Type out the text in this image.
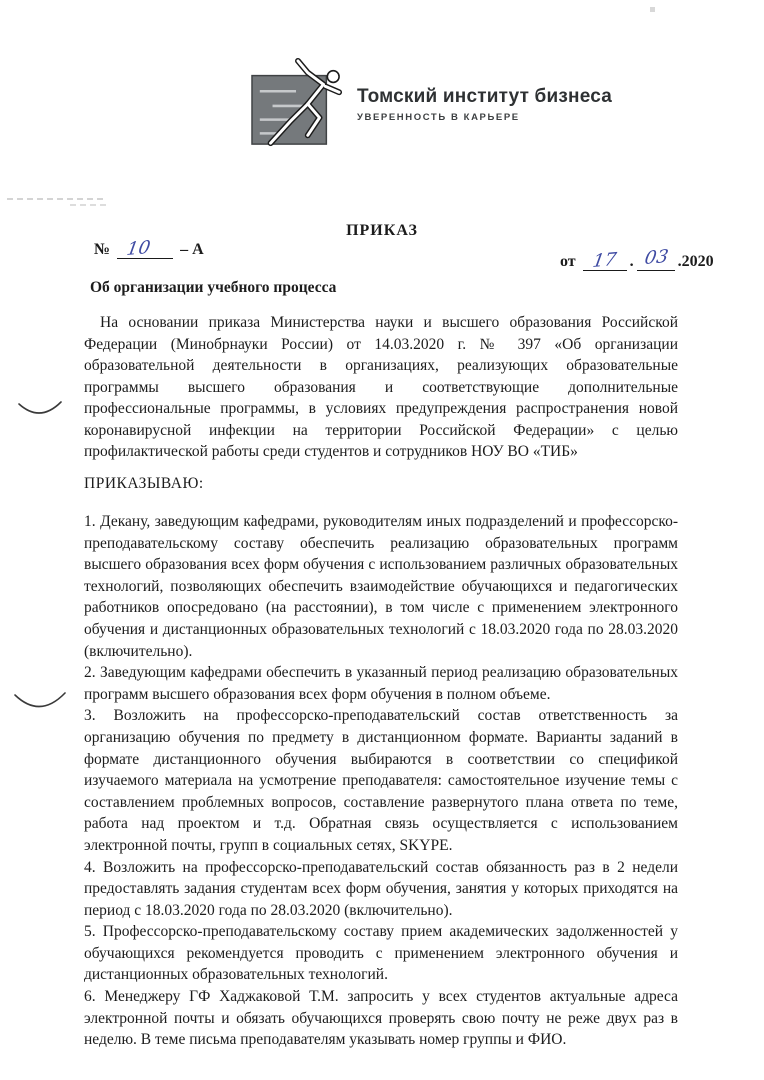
Томский институт бизнеса
УВЕРЕННОСТЬ В КАРЬЕРЕ
ПРИКАЗ
№ 10 – А
от 17 . 03 .2020
Об организации учебного процесса
На основании приказа Министерства науки и высшего образования Российской Федерации (Минобрнауки России) от 14.03.2020 г. № 397 «Об организации образовательной деятельности в организациях, реализующих образовательные программы высшего образования и соответствующие дополнительные профессиональные программы, в условиях предупреждения распространения новой коронавирусной инфекции на территории Российской Федерации» с целью профилактической работы среди студентов и сотрудников НОУ ВО «ТИБ»
ПРИКАЗЫВАЮ:

1. Декану, заведующим кафедрами, руководителям иных подразделений и профессорско-преподавательскому составу обеспечить реализацию образовательных программ высшего образования всех форм обучения с использованием различных образовательных технологий, позволяющих обеспечить взаимодействие обучающихся и педагогических работников опосредовано (на расстоянии), в том числе с применением электронного обучения и дистанционных образовательных технологий с 18.03.2020 года по 28.03.2020 (включительно).

2. Заведующим кафедрами обеспечить в указанный период реализацию образовательных программ высшего образования всех форм обучения в полном объеме.

3. Возложить на профессорско-преподавательский состав ответственность за организацию обучения по предмету в дистанционном формате. Варианты заданий в формате дистанционного обучения выбираются в соответствии со спецификой изучаемого материала на усмотрение преподавателя: самостоятельное изучение темы с составлением проблемных вопросов, составление развернутого плана ответа по теме, работа над проектом и т.д. Обратная связь осуществляется с использованием электронной почты, групп в социальных сетях, SKYPE.

4. Возложить на профессорско-преподавательский состав обязанность раз в 2 недели предоставлять задания студентам всех форм обучения, занятия у которых приходятся на период с 18.03.2020 года по 28.03.2020 (включительно).

5. Профессорско-преподавательскому составу прием академических задолженностей у обучающихся рекомендуется проводить с применением электронного обучения и дистанционных образовательных технологий.

6. Менеджеру ГФ Хаджаковой Т.М. запросить у всех студентов актуальные адреса электронной почты и обязать обучающихся проверять свою почту не реже двух раз в неделю. В теме письма преподавателям указывать номер группы и ФИО.
